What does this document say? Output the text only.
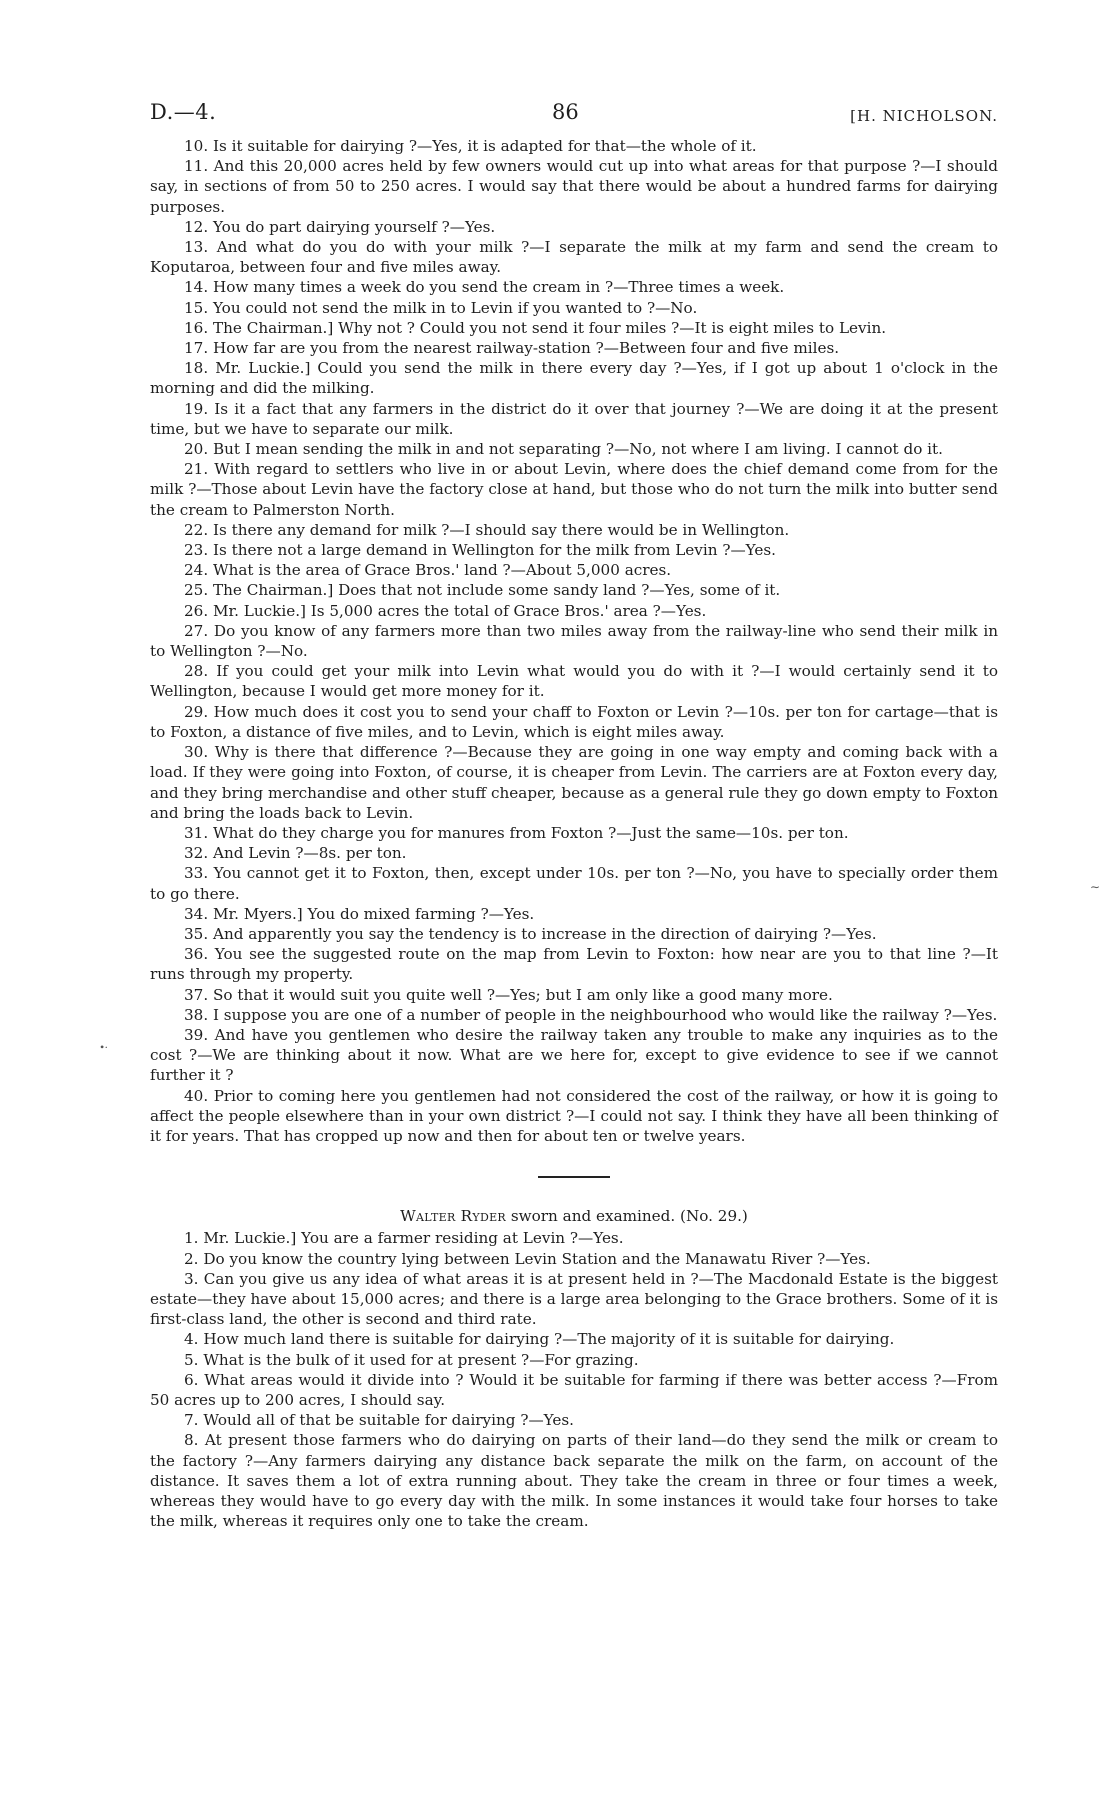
D.—4.	86	[H. NICHOLSON.

10. Is it suitable for dairying ?—Yes, it is adapted for that—the whole of it.

11. And this 20,000 acres held by few owners would cut up into what areas for that purpose ?—I should say, in sections of from 50 to 250 acres. I would say that there would be about a hundred farms for dairying purposes.

12. You do part dairying yourself ?—Yes.

13. And what do you do with your milk ?—I separate the milk at my farm and send the cream to Koputaroa, between four and five miles away.

14. How many times a week do you send the cream in ?—Three times a week.

15. You could not send the milk in to Levin if you wanted to ?—No.

16. The Chairman.] Why not ? Could you not send it four miles ?—It is eight miles to Levin.

17. How far are you from the nearest railway-station ?—Between four and five miles.

18. Mr. Luckie.] Could you send the milk in there every day ?—Yes, if I got up about 1 o'clock in the morning and did the milking.

19. Is it a fact that any farmers in the district do it over that journey ?—We are doing it at the present time, but we have to separate our milk.

20. But I mean sending the milk in and not separating ?—No, not where I am living. I cannot do it.

21. With regard to settlers who live in or about Levin, where does the chief demand come from for the milk ?—Those about Levin have the factory close at hand, but those who do not turn the milk into butter send the cream to Palmerston North.

22. Is there any demand for milk ?—I should say there would be in Wellington.

23. Is there not a large demand in Wellington for the milk from Levin ?—Yes.

24. What is the area of Grace Bros.' land ?—About 5,000 acres.

25. The Chairman.] Does that not include some sandy land ?—Yes, some of it.

26. Mr. Luckie.] Is 5,000 acres the total of Grace Bros.' area ?—Yes.

27. Do you know of any farmers more than two miles away from the railway-line who send their milk in to Wellington ?—No.

28. If you could get your milk into Levin what would you do with it ?—I would certainly send it to Wellington, because I would get more money for it.

29. How much does it cost you to send your chaff to Foxton or Levin ?—10s. per ton for cartage—that is to Foxton, a distance of five miles, and to Levin, which is eight miles away.

30. Why is there that difference ?—Because they are going in one way empty and coming back with a load. If they were going into Foxton, of course, it is cheaper from Levin. The carriers are at Foxton every day, and they bring merchandise and other stuff cheaper, because as a general rule they go down empty to Foxton and bring the loads back to Levin.

31. What do they charge you for manures from Foxton ?—Just the same—10s. per ton.

32. And Levin ?—8s. per ton.

33. You cannot get it to Foxton, then, except under 10s. per ton ?—No, you have to specially order them to go there.

34. Mr. Myers.] You do mixed farming ?—Yes.

35. And apparently you say the tendency is to increase in the direction of dairying ?—Yes.

36. You see the suggested route on the map from Levin to Foxton: how near are you to that line ?—It runs through my property.

37. So that it would suit you quite well ?—Yes; but I am only like a good many more.

38. I suppose you are one of a number of people in the neighbourhood who would like the railway ?—Yes.

39. And have you gentlemen who desire the railway taken any trouble to make any inquiries as to the cost ?—We are thinking about it now. What are we here for, except to give evidence to see if we cannot further it ?

40. Prior to coming here you gentlemen had not considered the cost of the railway, or how it is going to affect the people elsewhere than in your own district ?—I could not say. I think they have all been thinking of it for years. That has cropped up now and then for about ten or twelve years.

Walter Ryder sworn and examined. (No. 29.)

1. Mr. Luckie.] You are a farmer residing at Levin ?—Yes.

2. Do you know the country lying between Levin Station and the Manawatu River ?—Yes.

3. Can you give us any idea of what areas it is at present held in ?—The Macdonald Estate is the biggest estate—they have about 15,000 acres; and there is a large area belonging to the Grace brothers. Some of it is first-class land, the other is second and third rate.

4. How much land there is suitable for dairying ?—The majority of it is suitable for dairying.

5. What is the bulk of it used for at present ?—For grazing.

6. What areas would it divide into ? Would it be suitable for farming if there was better access ?—From 50 acres up to 200 acres, I should say.

7. Would all of that be suitable for dairying ?—Yes.

8. At present those farmers who do dairying on parts of their land—do they send the milk or cream to the factory ?—Any farmers dairying any distance back separate the milk on the farm, on account of the distance. It saves them a lot of extra running about. They take the cream in three or four times a week, whereas they would have to go every day with the milk. In some instances it would take four horses to take the milk, whereas it requires only one to take the cream.

•·
∼
